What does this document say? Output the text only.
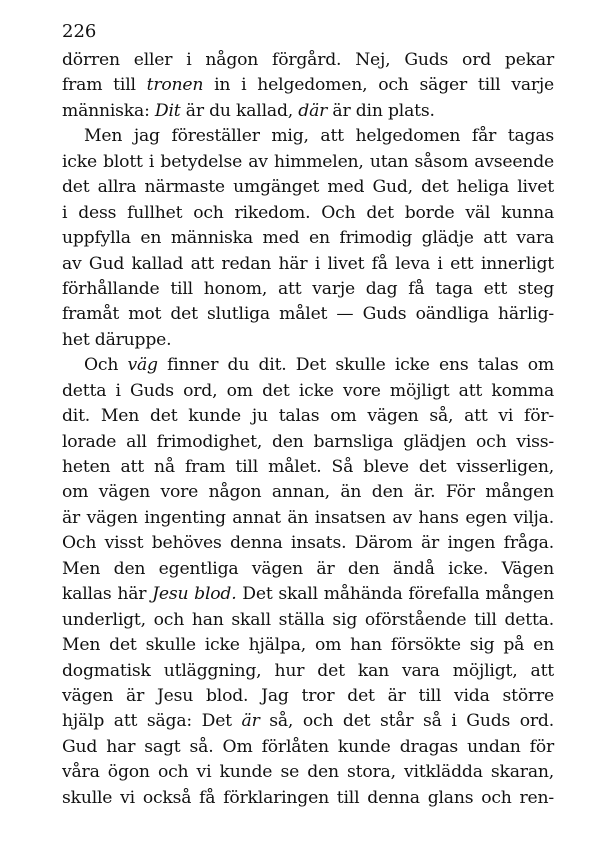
226
dörren eller i någon förgård. Nej, Guds ord pekar
fram till tronen in i helgedomen, och säger till varje
människa: Dit är du kallad, där är din plats.
Men jag föreställer mig, att helgedomen får tagas
icke blott i betydelse av himmelen, utan såsom avseende
det allra närmaste umgänget med Gud, det heliga livet
i dess fullhet och rikedom. Och det borde väl kunna
uppfylla en människa med en frimodig glädje att vara
av Gud kallad att redan här i livet få leva i ett innerligt
förhållande till honom, att varje dag få taga ett steg
framåt mot det slutliga målet — Guds oändliga härlig-
het däruppe.
Och väg finner du dit. Det skulle icke ens talas om
detta i Guds ord, om det icke vore möjligt att komma
dit. Men det kunde ju talas om vägen så, att vi för-
lorade all frimodighet, den barnsliga glädjen och viss-
heten att nå fram till målet. Så bleve det visserligen,
om vägen vore någon annan, än den är. För mången
är vägen ingenting annat än insatsen av hans egen vilja.
Och visst behöves denna insats. Därom är ingen fråga.
Men den egentliga vägen är den ändå icke. Vägen
kallas här Jesu blod. Det skall måhända förefalla mången
underligt, och han skall ställa sig oförstående till detta.
Men det skulle icke hjälpa, om han försökte sig på en
dogmatisk utläggning, hur det kan vara möjligt, att
vägen är Jesu blod. Jag tror det är till vida större
hjälp att säga: Det är så, och det står så i Guds ord.
Gud har sagt så. Om förlåten kunde dragas undan för
våra ögon och vi kunde se den stora, vitklädda skaran,
skulle vi också få förklaringen till denna glans och ren-
